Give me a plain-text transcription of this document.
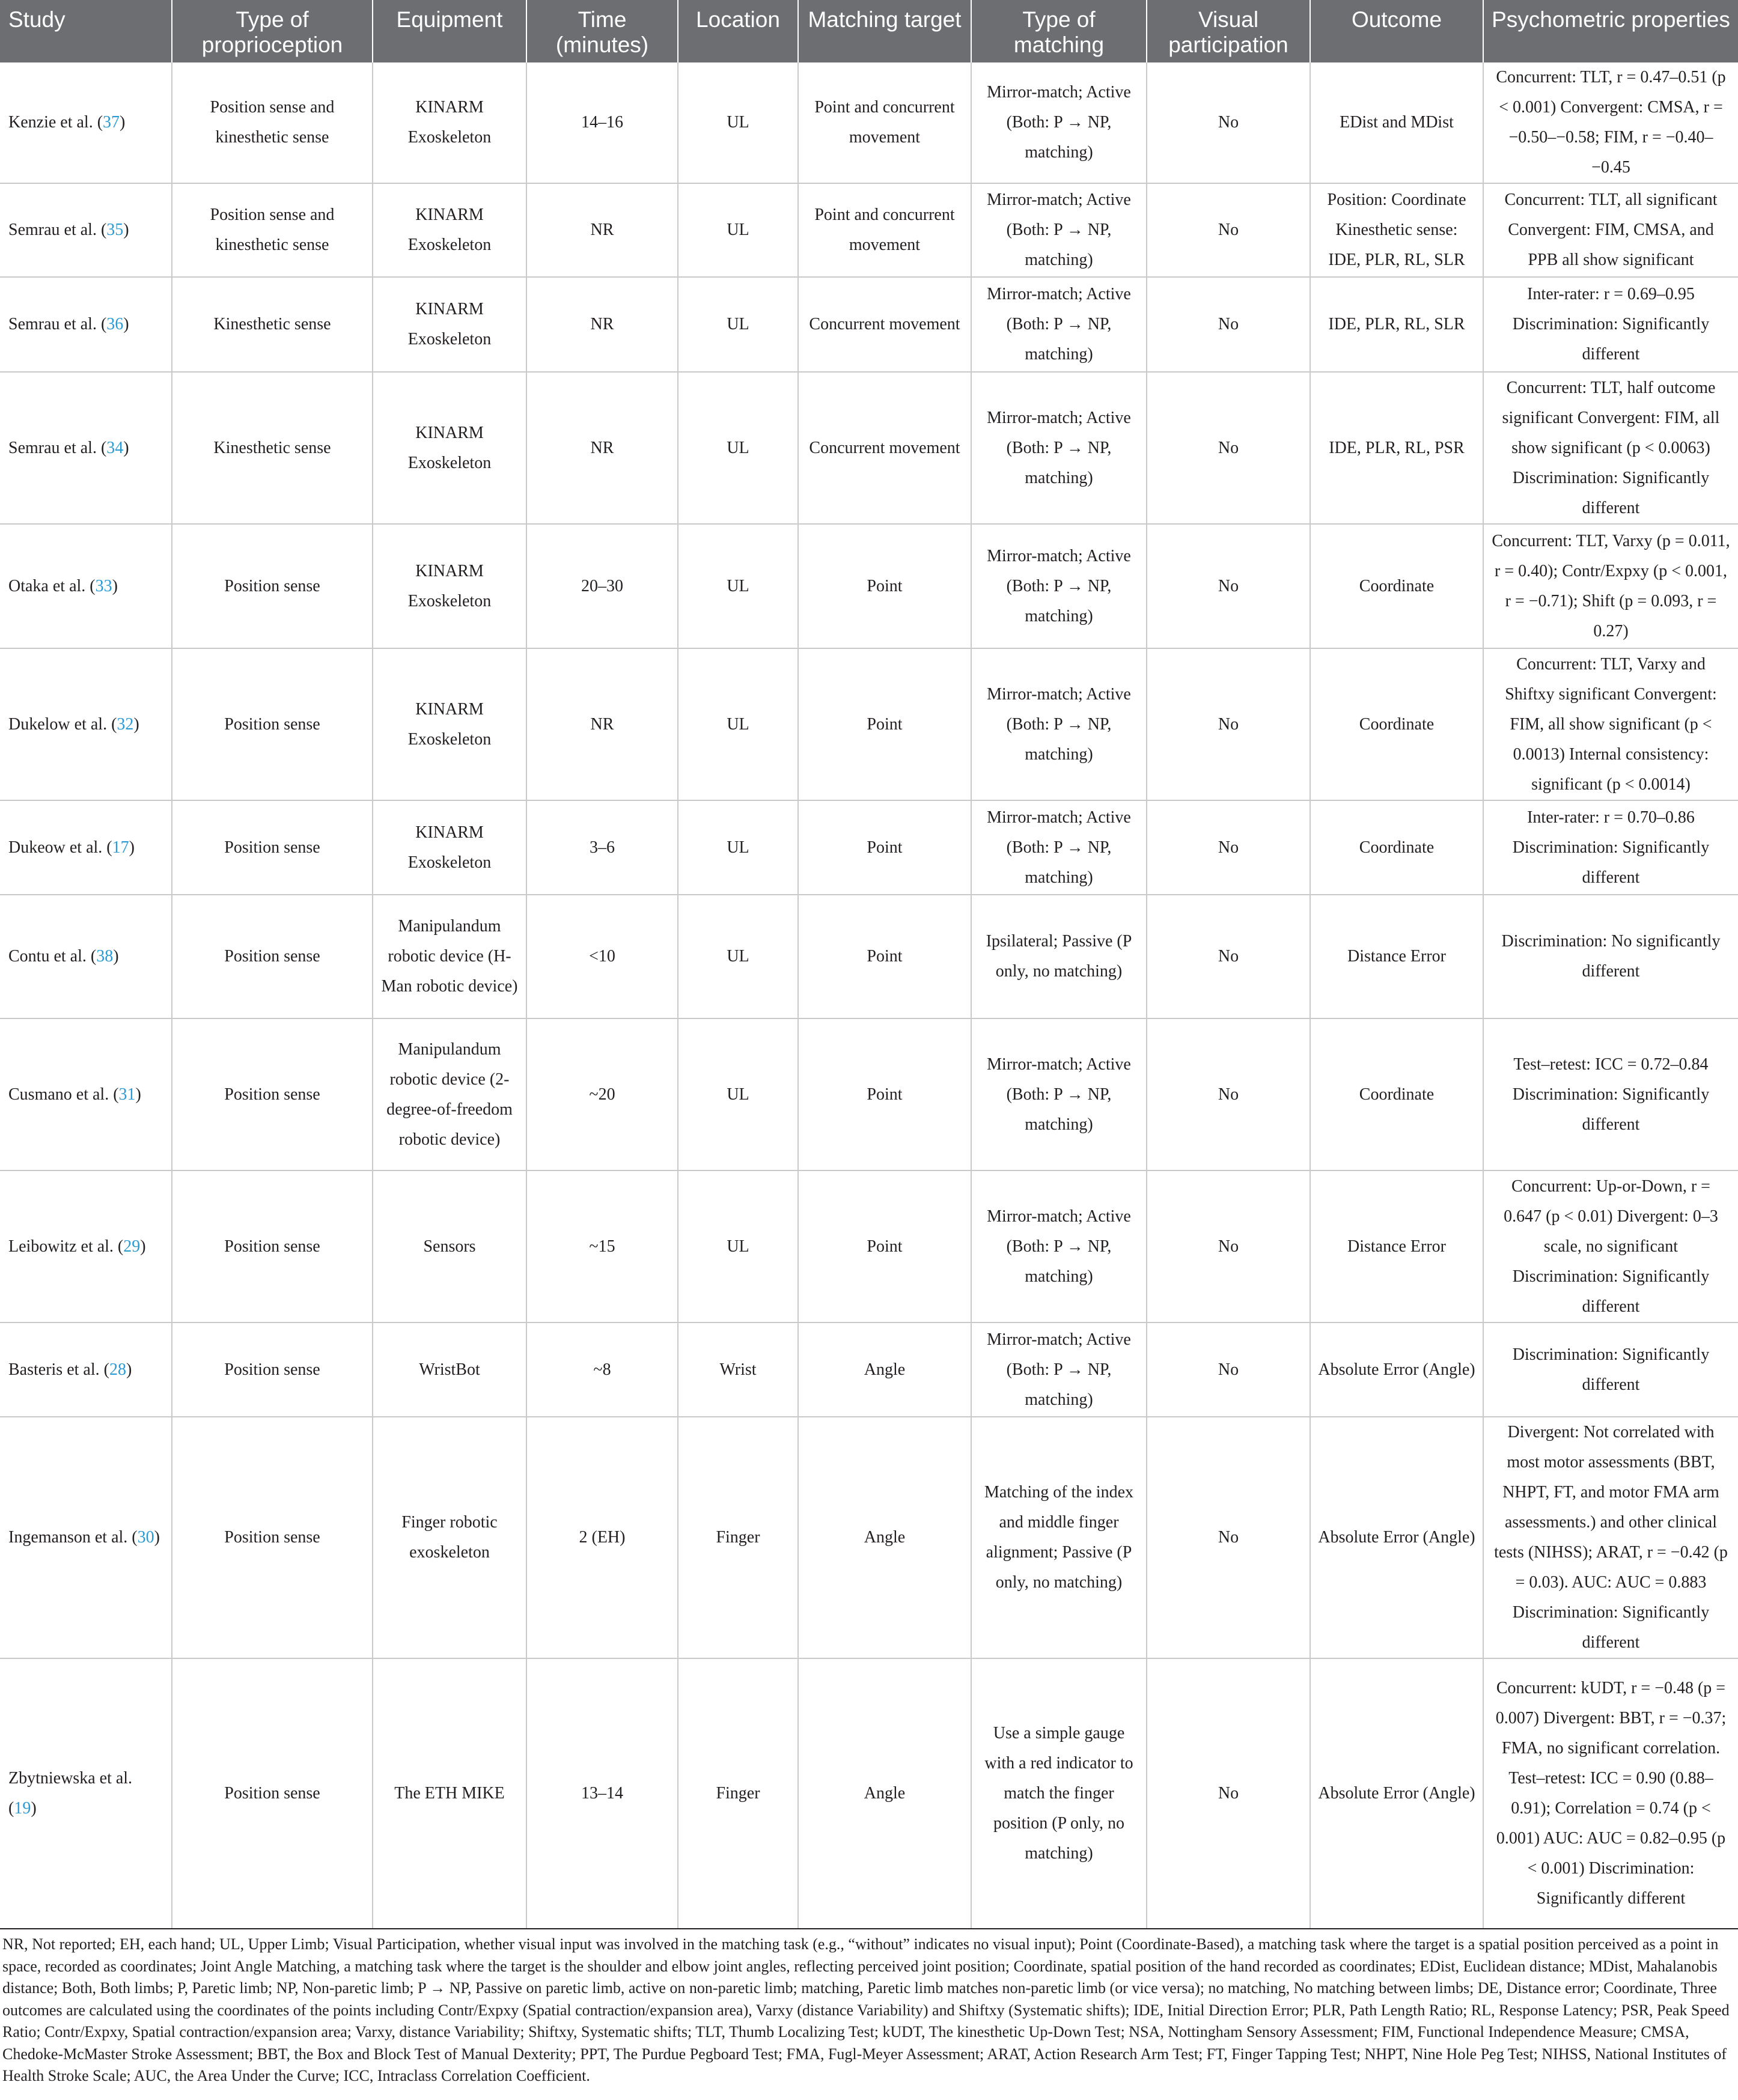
Study	Type of proprioception	Equipment	Time (minutes)	Location	Matching target	Type of matching	Visual participation	Outcome	Psychometric properties
Kenzie et al. (37)	Position sense and kinesthetic sense	KINARM Exoskeleton	14–16	UL	Point and concurrent movement	Mirror-match; Active (Both: P → NP, matching)	No	EDist and MDist	Concurrent: TLT, r = 0.47–0.51 (p < 0.001) Convergent: CMSA, r = −0.50–−0.58; FIM, r = −0.40–−0.45
Semrau et al. (35)	Position sense and kinesthetic sense	KINARM Exoskeleton	NR	UL	Point and concurrent movement	Mirror-match; Active (Both: P → NP, matching)	No	Position: Coordinate Kinesthetic sense: IDE, PLR, RL, SLR	Concurrent: TLT, all significant Convergent: FIM, CMSA, and PPB all show significant
Semrau et al. (36)	Kinesthetic sense	KINARM Exoskeleton	NR	UL	Concurrent movement	Mirror-match; Active (Both: P → NP, matching)	No	IDE, PLR, RL, SLR	Inter-rater: r = 0.69–0.95 Discrimination: Significantly different
Semrau et al. (34)	Kinesthetic sense	KINARM Exoskeleton	NR	UL	Concurrent movement	Mirror-match; Active (Both: P → NP, matching)	No	IDE, PLR, RL, PSR	Concurrent: TLT, half outcome significant Convergent: FIM, all show significant (p < 0.0063) Discrimination: Significantly different
Otaka et al. (33)	Position sense	KINARM Exoskeleton	20–30	UL	Point	Mirror-match; Active (Both: P → NP, matching)	No	Coordinate	Concurrent: TLT, Varxy (p = 0.011, r = 0.40); Contr/Expxy (p < 0.001, r = −0.71); Shift (p = 0.093, r = 0.27)
Dukelow et al. (32)	Position sense	KINARM Exoskeleton	NR	UL	Point	Mirror-match; Active (Both: P → NP, matching)	No	Coordinate	Concurrent: TLT, Varxy and Shiftxy significant Convergent: FIM, all show significant (p < 0.0013) Internal consistency: significant (p < 0.0014)
Dukeow et al. (17)	Position sense	KINARM Exoskeleton	3–6	UL	Point	Mirror-match; Active (Both: P → NP, matching)	No	Coordinate	Inter-rater: r = 0.70–0.86 Discrimination: Significantly different
Contu et al. (38)	Position sense	Manipulandum robotic device (H-Man robotic device)	<10	UL	Point	Ipsilateral; Passive (P only, no matching)	No	Distance Error	Discrimination: No significantly different
Cusmano et al. (31)	Position sense	Manipulandum robotic device (2-degree-of-freedom robotic device)	~20	UL	Point	Mirror-match; Active (Both: P → NP, matching)	No	Coordinate	Test–retest: ICC = 0.72–0.84 Discrimination: Significantly different
Leibowitz et al. (29)	Position sense	Sensors	~15	UL	Point	Mirror-match; Active (Both: P → NP, matching)	No	Distance Error	Concurrent: Up-or-Down, r = 0.647 (p < 0.01) Divergent: 0–3 scale, no significant Discrimination: Significantly different
Basteris et al. (28)	Position sense	WristBot	~8	Wrist	Angle	Mirror-match; Active (Both: P → NP, matching)	No	Absolute Error (Angle)	Discrimination: Significantly different
Ingemanson et al. (30)	Position sense	Finger robotic exoskeleton	2 (EH)	Finger	Angle	Matching of the index and middle finger alignment; Passive (P only, no matching)	No	Absolute Error (Angle)	Divergent: Not correlated with most motor assessments (BBT, NHPT, FT, and motor FMA arm assessments.) and other clinical tests (NIHSS); ARAT, r = −0.42 (p = 0.03). AUC: AUC = 0.883 Discrimination: Significantly different
Zbytniewska et al. (19)	Position sense	The ETH MIKE	13–14	Finger	Angle	Use a simple gauge with a red indicator to match the finger position (P only, no matching)	No	Absolute Error (Angle)	Concurrent: kUDT, r = −0.48 (p = 0.007) Divergent: BBT, r = −0.37; FMA, no significant correlation. Test–retest: ICC = 0.90 (0.88–0.91); Correlation = 0.74 (p < 0.001) AUC: AUC = 0.82–0.95 (p < 0.001) Discrimination: Significantly different
NR, Not reported; EH, each hand; UL, Upper Limb; Visual Participation, whether visual input was involved in the matching task (e.g., “without” indicates no visual input); Point (Coordinate-Based), a matching task where the target is a spatial position perceived as a point in space, recorded as coordinates; Joint Angle Matching, a matching task where the target is the shoulder and elbow joint angles, reflecting perceived joint position; Coordinate, spatial position of the hand recorded as coordinates; EDist, Euclidean distance; MDist, Mahalanobis distance; Both, Both limbs; P, Paretic limb; NP, Non-paretic limb; P → NP, Passive on paretic limb, active on non-paretic limb; matching, Paretic limb matches non-paretic limb (or vice versa); no matching, No matching between limbs; DE, Distance error; Coordinate, Three outcomes are calculated using the coordinates of the points including Contr/Expxy (Spatial contraction/expansion area), Varxy (distance Variability) and Shiftxy (Systematic shifts); IDE, Initial Direction Error; PLR, Path Length Ratio; RL, Response Latency; PSR, Peak Speed Ratio; Contr/Expxy, Spatial contraction/expansion area; Varxy, distance Variability; Shiftxy, Systematic shifts; TLT, Thumb Localizing Test; kUDT, The kinesthetic Up-Down Test; NSA, Nottingham Sensory Assessment; FIM, Functional Independence Measure; CMSA, Chedoke-McMaster Stroke Assessment; BBT, the Box and Block Test of Manual Dexterity; PPT, The Purdue Pegboard Test; FMA, Fugl-Meyer Assessment; ARAT, Action Research Arm Test; FT, Finger Tapping Test; NHPT, Nine Hole Peg Test; NIHSS, National Institutes of Health Stroke Scale; AUC, the Area Under the Curve; ICC, Intraclass Correlation Coefficient.
